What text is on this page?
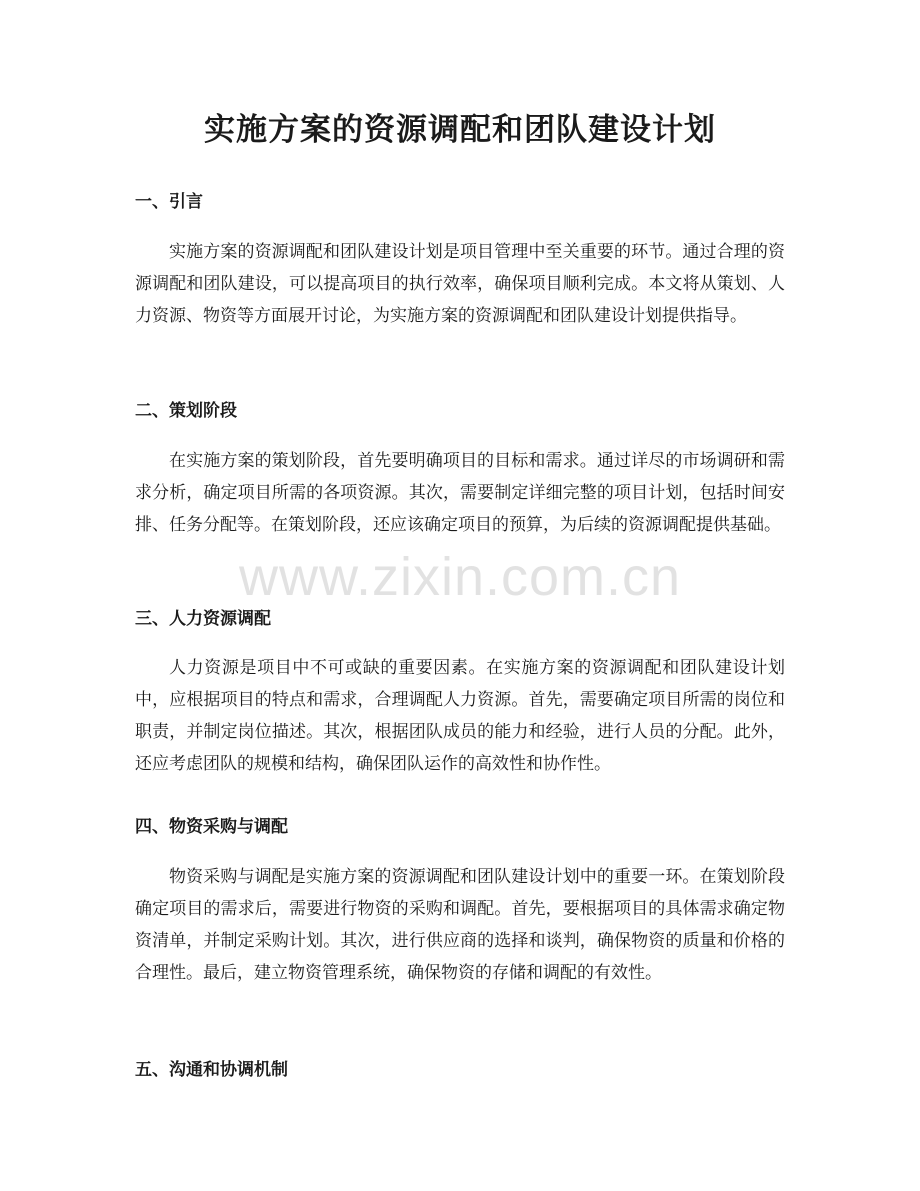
实施方案的资源调配和团队建设计划
一、引言

实施方案的资源调配和团队建设计划是项目管理中至关重要的环节。通过合理的资源调配和团队建设，可以提高项目的执行效率，确保项目顺利完成。本文将从策划、人力资源、物资等方面展开讨论，为实施方案的资源调配和团队建设计划提供指导。

二、策划阶段

在实施方案的策划阶段，首先要明确项目的目标和需求。通过详尽的市场调研和需求分析，确定项目所需的各项资源。其次，需要制定详细完整的项目计划，包括时间安排、任务分配等。在策划阶段，还应该确定项目的预算，为后续的资源调配提供基础。

三、人力资源调配

人力资源是项目中不可或缺的重要因素。在实施方案的资源调配和团队建设计划中，应根据项目的特点和需求，合理调配人力资源。首先，需要确定项目所需的岗位和职责，并制定岗位描述。其次，根据团队成员的能力和经验，进行人员的分配。此外，还应考虑团队的规模和结构，确保团队运作的高效性和协作性。

四、物资采购与调配

物资采购与调配是实施方案的资源调配和团队建设计划中的重要一环。在策划阶段确定项目的需求后，需要进行物资的采购和调配。首先，要根据项目的具体需求确定物资清单，并制定采购计划。其次，进行供应商的选择和谈判，确保物资的质量和价格的合理性。最后，建立物资管理系统，确保物资的存储和调配的有效性。

五、沟通和协调机制
www.zixin.com.cn
